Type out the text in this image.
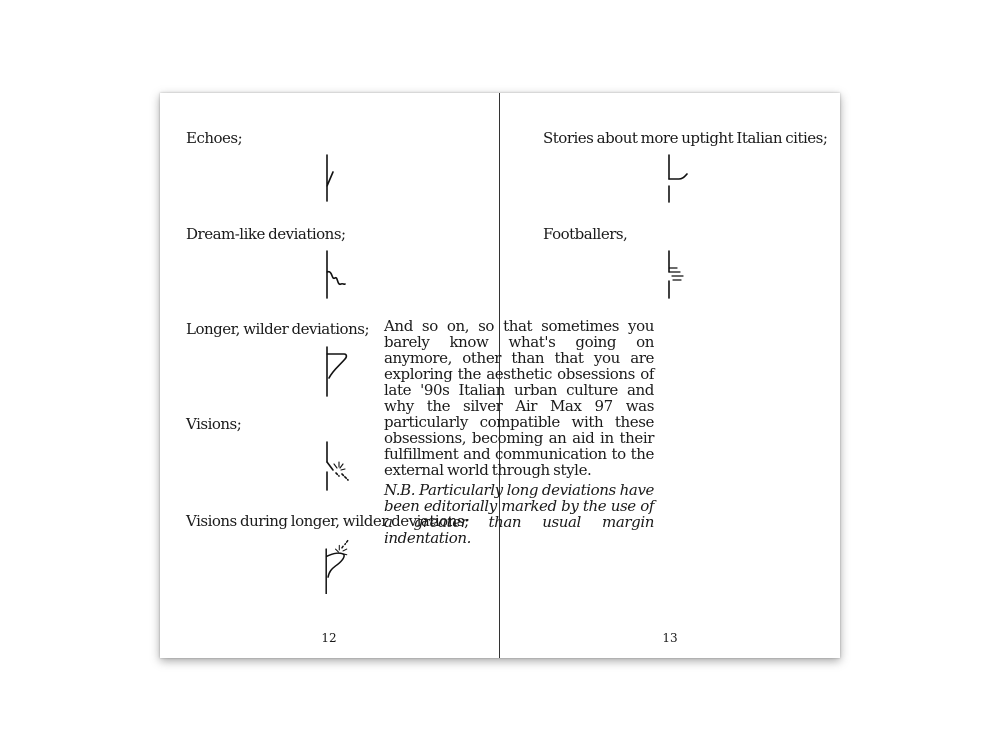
Echoes;

Dream-like deviations;

Longer, wilder deviations;

Visions;

Visions during longer, wilder deviations;

12

Stories about more uptight Italian cities;

Footballers,

And so on, so that sometimes you barely know what's going on anymore, other than that you are exploring the aesthetic obsessions of late '90s Italian urban culture and why the silver Air Max 97 was particularly compatible with these obsessions, becoming an aid in their fulfillment and communication to the external world through style.

N.B. Particularly long deviations have been editorially marked by the use of a greater than usual margin indentation.

13
